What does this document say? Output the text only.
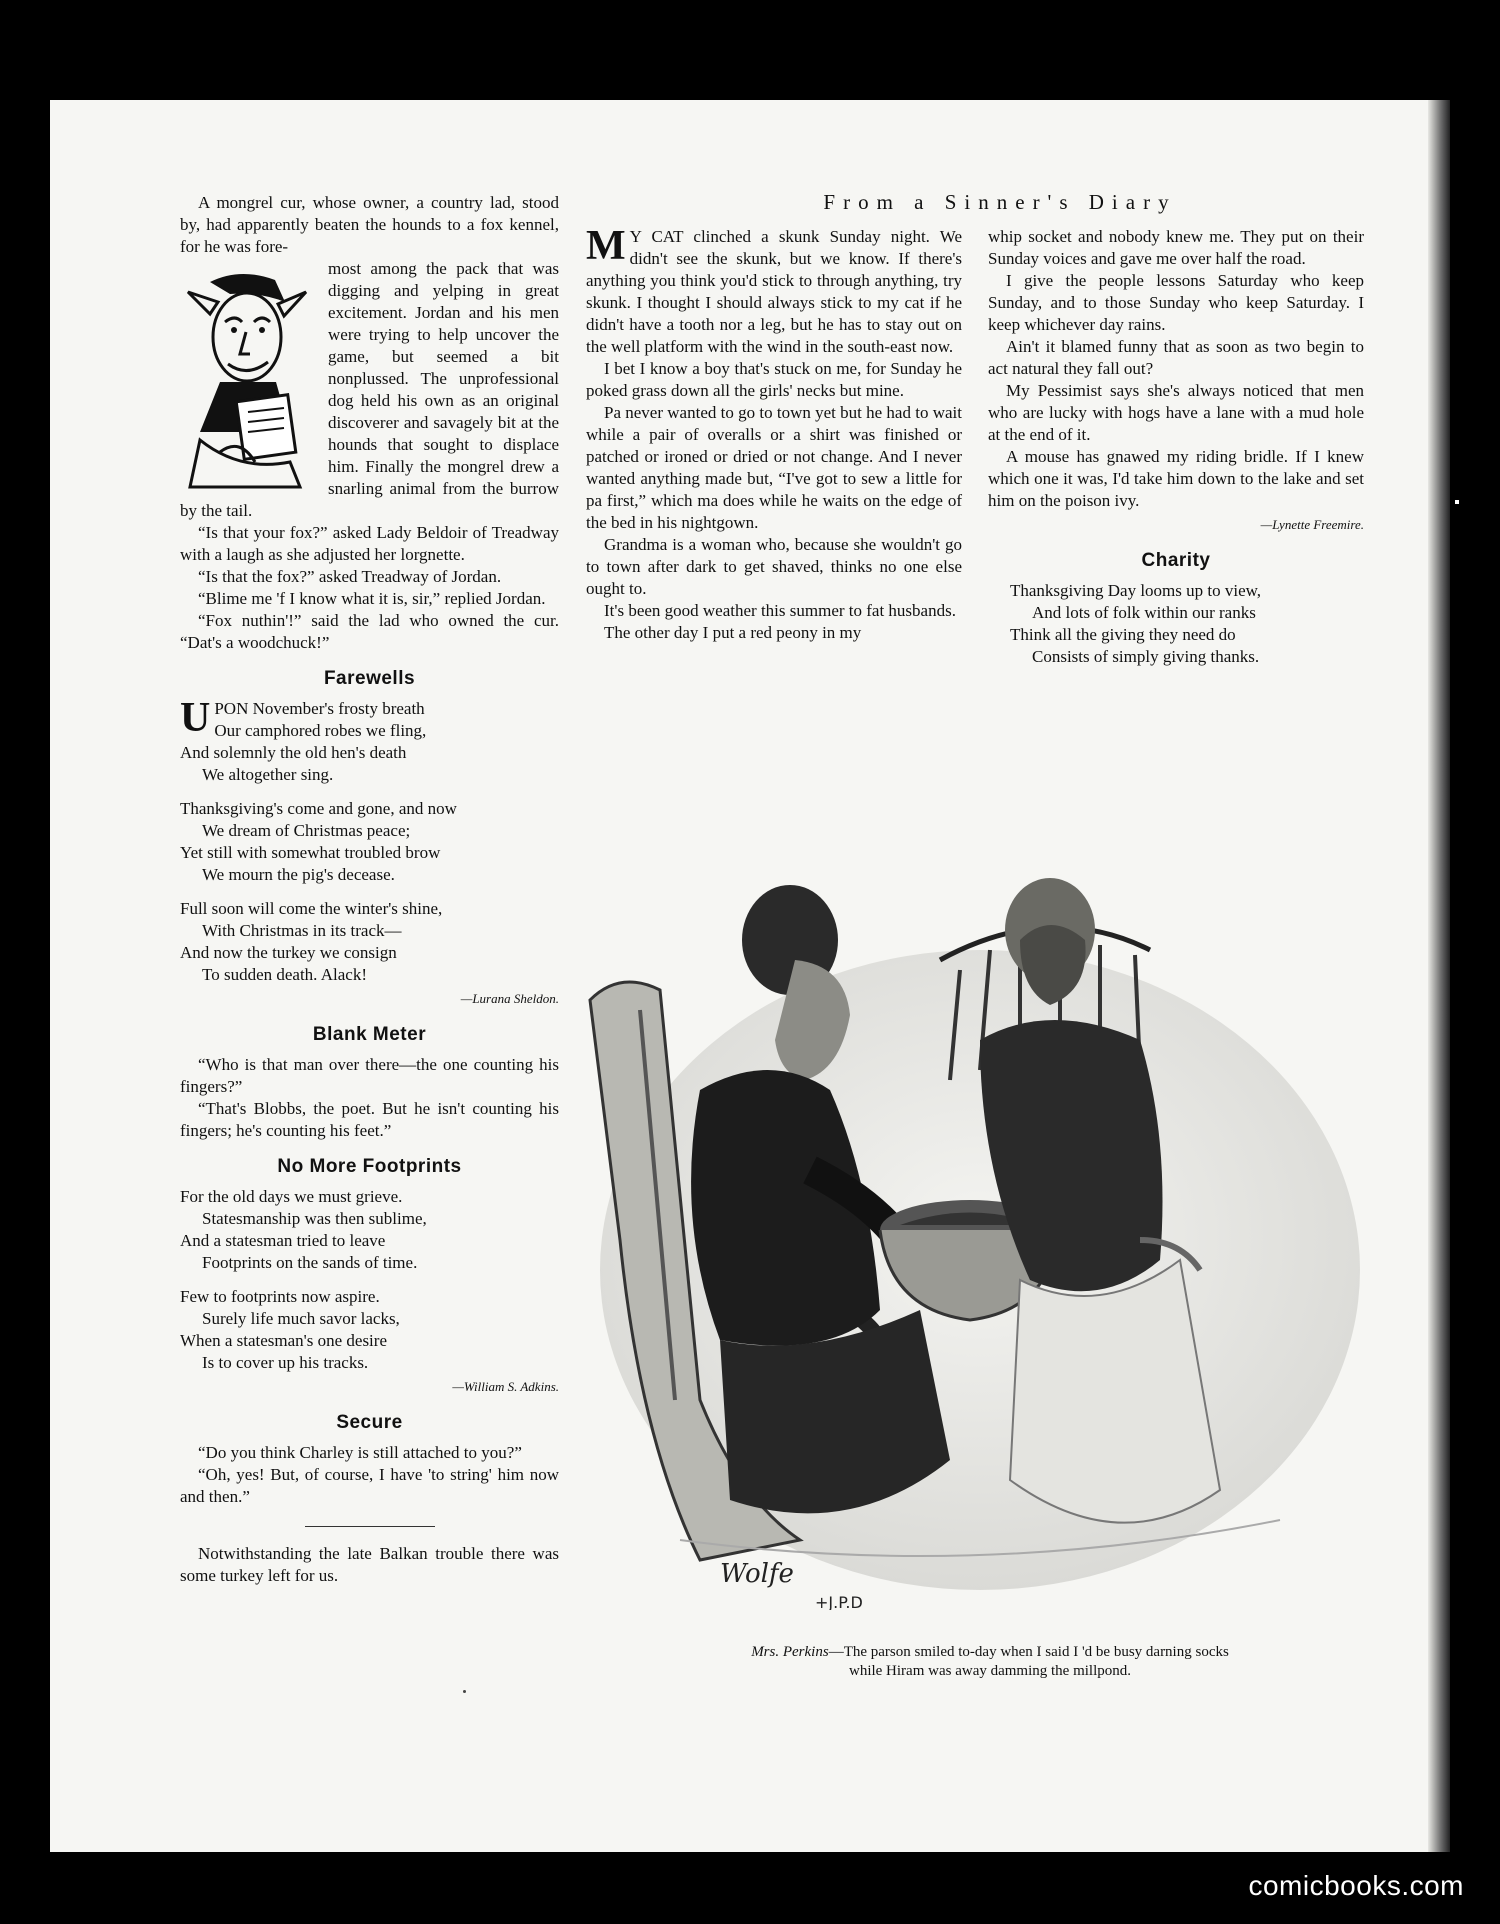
A mongrel cur, whose owner, a country lad, stood by, had apparently beaten the hounds to a fox kennel, for he was fore-

most among the pack that was digging and yelping in great excitement. Jordan and his men were trying to help uncover the game, but seemed a bit nonplussed. The unprofessional dog held his own as an original discoverer and savagely bit at the hounds that sought to displace him. Finally the mongrel drew a snarling animal from the burrow by the tail.

“Is that your fox?” asked Lady Beldoir of Treadway with a laugh as she adjusted her lorgnette.

“Is that the fox?” asked Treadway of Jordan.

“Blime me 'f I know what it is, sir,” replied Jordan.

“Fox nuthin'!” said the lad who owned the cur. “Dat's a woodchuck!”

Farewells
U PON November's frosty breath
Our camphored robes we fling,
And solemnly the old hen's death
We altogether sing.
Thanksgiving's come and gone, and now
We dream of Christmas peace;
Yet still with somewhat troubled brow
We mourn the pig's decease.
Full soon will come the winter's shine,
With Christmas in its track—
And now the turkey we consign
To sudden death. Alack!
—Lurana Sheldon.
Blank Meter

“Who is that man over there—the one counting his fingers?”

“That's Blobbs, the poet. But he isn't counting his fingers; he's counting his feet.”

No More Footprints
For the old days we must grieve.
Statesmanship was then sublime,
And a statesman tried to leave
Footprints on the sands of time.
Few to footprints now aspire.
Surely life much savor lacks,
When a statesman's one desire
Is to cover up his tracks.
—William S. Adkins.
Secure

“Do you think Charley is still attached to you?”

“Oh, yes! But, of course, I have 'to string' him now and then.”

Notwithstanding the late Balkan trouble there was some turkey left for us.

From a Sinner's Diary

M Y CAT clinched a skunk Sunday night. We didn't see the skunk, but we know. If there's anything you think you'd stick to through anything, try skunk. I thought I should always stick to my cat if he didn't have a tooth nor a leg, but he has to stay out on the well platform with the wind in the south-east now.

I bet I know a boy that's stuck on me, for Sunday he poked grass down all the girls' necks but mine.

Pa never wanted to go to town yet but he had to wait while a pair of overalls or a shirt was finished or patched or ironed or dried or not change. And I never wanted anything made but, “I've got to sew a little for pa first,” which ma does while he waits on the edge of the bed in his nightgown.

Grandma is a woman who, because she wouldn't go to town after dark to get shaved, thinks no one else ought to.

It's been good weather this summer to fat husbands.

The other day I put a red peony in my

whip socket and nobody knew me. They put on their Sunday voices and gave me over half the road.

I give the people lessons Saturday who keep Sunday, and to those Sunday who keep Saturday. I keep whichever day rains.

Ain't it blamed funny that as soon as two begin to act natural they fall out?

My Pessimist says she's always noticed that men who are lucky with hogs have a lane with a mud hole at the end of it.

A mouse has gnawed my riding bridle. If I knew which one it was, I'd take him down to the lake and set him on the poison ivy.

—Lynette Freemire.
Charity
Thanksgiving Day looms up to view,
And lots of folk within our ranks
Think all the giving they need do
Consists of simply giving thanks.
Wolfe
+J.P.D
Mrs. Perkins—The parson smiled to-day when I said I 'd be busy darning socks
while Hiram was away damming the millpond.
comicbooks.com
